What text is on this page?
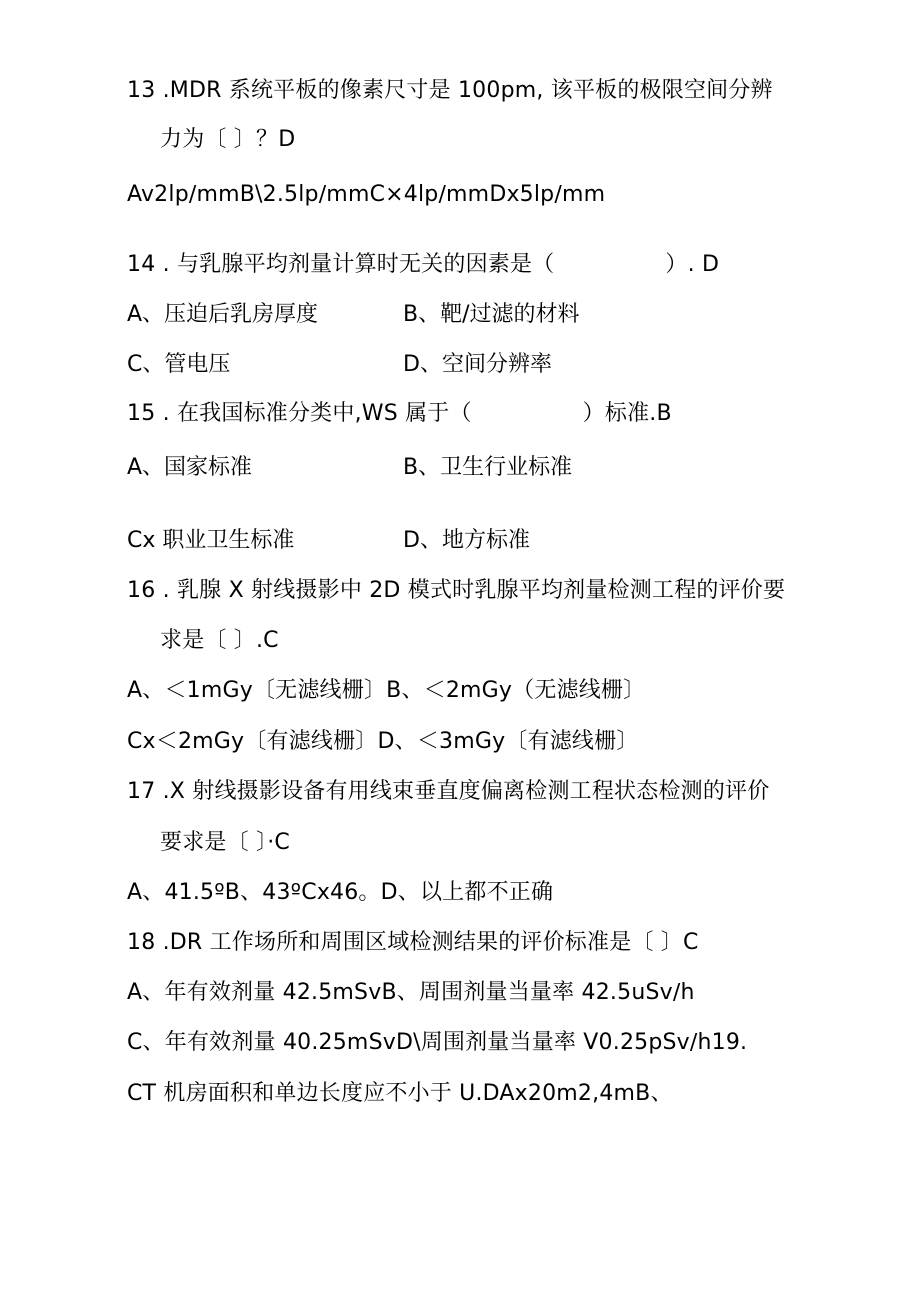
13 .MDR 系统平板的像素尺寸是 100pm, 该平板的极限空间分辨
力为〔 〕？D
Av2lp∕mmB\2.5lp∕mmC×4lp∕mmDx5lp∕mm
14 . 与乳腺平均剂量计算时无关的因素是（　　　　　）. D
A、压迫后乳房厚度	B、靶/过滤的材料
C、管电压	D、空间分辨率
15 . 在我国标准分类中,WS 属于（　　　　　）标准.B
A、国家标准	B、卫生行业标准
Cx 职业卫生标准	D、地方标准
16 . 乳腺 X 射线摄影中 2D 模式时乳腺平均剂量检测工程的评价要
求是〔 〕.C
A、＜1mGy〔无滤线栅〕B、＜2mGy（无滤线栅〕
Cx＜2mGy〔有滤线栅〕D、＜3mGy〔有滤线栅〕
17 .X 射线摄影设备有用线束垂直度偏离检测工程状态检测的评价
要求是〔 〕·C
A、41.5ºB、43ºCx46。D、以上都不正确
18 .DR 工作场所和周围区域检测结果的评价标准是〔 〕C
A、年有效剂量 42.5mSvB、周围剂量当量率 42.5uSv∕h
C、年有效剂量 40.25mSvD\周围剂量当量率 V0.25pSv∕h19.
CT 机房面积和单边长度应不小于 U.DAx20m2,4mB、
